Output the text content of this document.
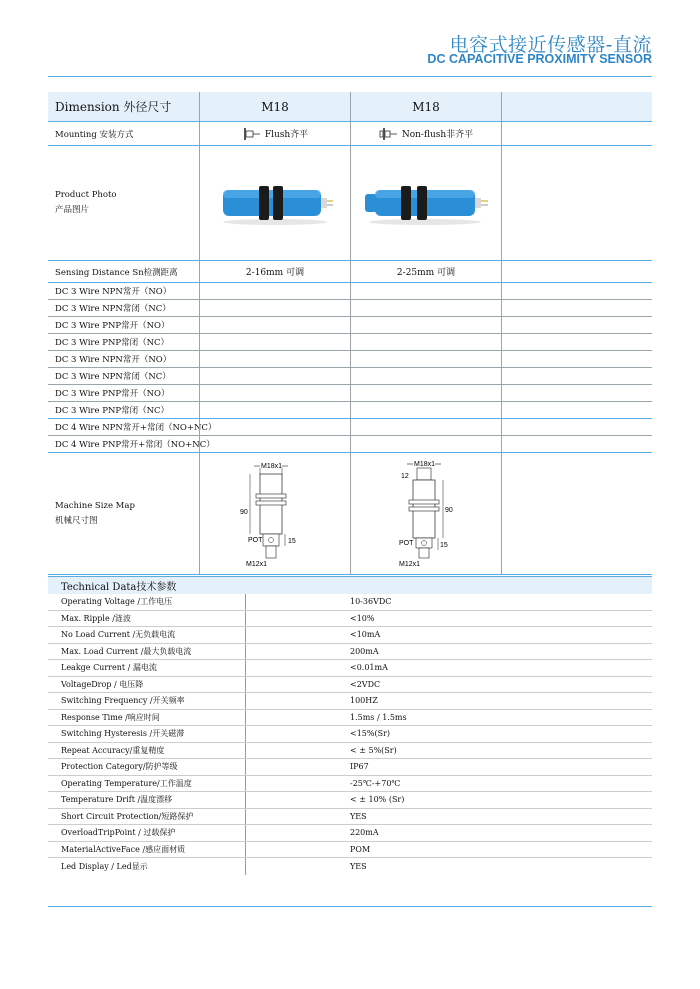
电容式接近传感器-直流
DC CAPACITIVE PROXIMITY SENSOR
Dimension 外径尺寸	M18	M18
Mounting 安装方式	Flush齐平	Non-flush非齐平
Product Photo
产品图片
Sensing Distance Sn检测距离	2-16mm 可调	2-25mm 可调
DC 3 Wire NPN常开（NO）
DC 3 Wire NPN常闭（NC）
DC 3 Wire PNP常开（NO）
DC 3 Wire PNP常闭（NC）
DC 3 Wire NPN常开（NO）
DC 3 Wire NPN常闭（NC）
DC 3 Wire PNP常开（NO）
DC 3 Wire PNP常闭（NC）
DC 4 Wire NPN常开+常闭（NO+NC）
DC 4 Wire PNP常开+常闭（NO+NC）
Machine Size Map
机械尺寸图
M18x1
90
POT	15
M12x1
M18x1
12
90
POT	15
M12x1
Technical Data技术参数
Operating Voltage /工作电压	10-36VDC
Max. Ripple /涟波	<10%
No Load Current /无负载电流	<10mA
Max. Load Current /最大负载电流	200mA
Leakge Current / 漏电流	<0.01mA
VoltageDrop / 电压降	<2VDC
Switching Frequency /开关频率	100HZ
Response Time /响应时间	1.5ms / 1.5ms
Switching Hysteresis /开关磁滞	<15%(Sr)
Repeat Accuracy/重复精度	< ± 5%(Sr)
Protection Category/防护等级	IP67
Operating Temperature/工作温度	-25℃-+70℃
Temperature Drift /温度漂移	< ± 10% (Sr)
Short Circuit Protection/短路保护	YES
OverloadTripPoint / 过载保护	220mA
MaterialActiveFace /感应面材质	POM
Led Display / Led显示	YES
